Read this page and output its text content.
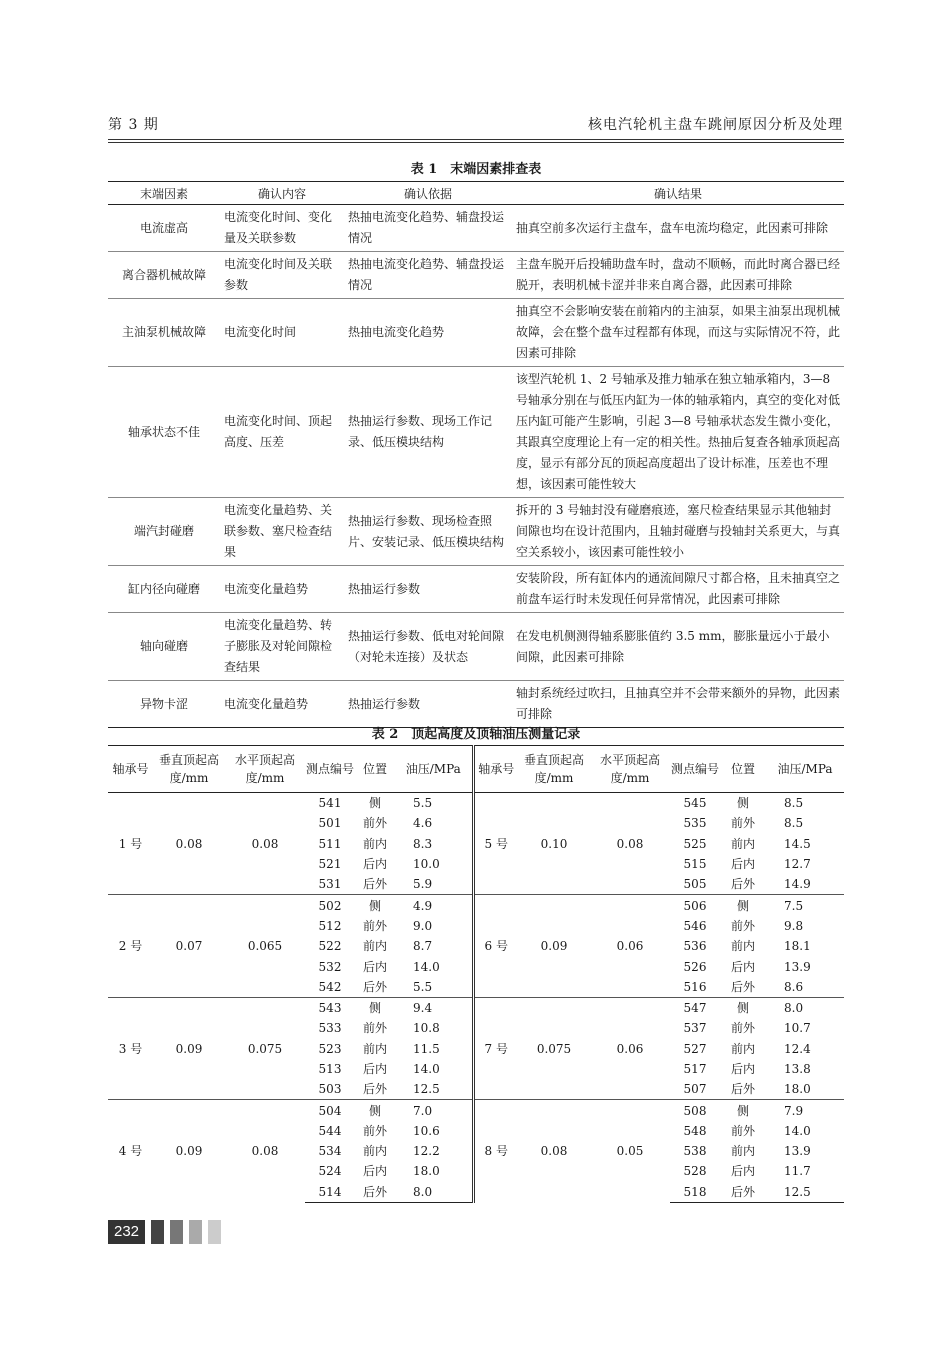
第 3 期	核电汽轮机主盘车跳闸原因分析及处理
表 1　末端因素排查表
末端因素	确认内容	确认依据	确认结果
电流虚高	电流变化时间、变化量及关联参数	热抽电流变化趋势、辅盘投运情况	抽真空前多次运行主盘车，盘车电流均稳定，此因素可排除
离合器机械故障	电流变化时间及关联参数	热抽电流变化趋势、辅盘投运情况	主盘车脱开后投辅助盘车时，盘动不顺畅，而此时离合器已经脱开，表明机械卡涩并非来自离合器，此因素可排除
主油泵机械故障	电流变化时间	热抽电流变化趋势	抽真空不会影响安装在前箱内的主油泵，如果主油泵出现机械故障，会在整个盘车过程都有体现，而这与实际情况不符，此因素可排除
轴承状态不佳	电流变化时间、顶起高度、压差	热抽运行参数、现场工作记录、低压模块结构	该型汽轮机 1、2 号轴承及推力轴承在独立轴承箱内，3—8 号轴承分别在与低压内缸为一体的轴承箱内，真空的变化对低压内缸可能产生影响，引起 3—8 号轴承状态发生微小变化，其跟真空度理论上有一定的相关性。热抽后复查各轴承顶起高度，显示有部分瓦的顶起高度超出了设计标准，压差也不理想，该因素可能性较大
端汽封碰磨	电流变化量趋势、关联参数、塞尺检查结果	热抽运行参数、现场检查照片、安装记录、低压模块结构	拆开的 3 号轴封没有碰磨痕迹，塞尺检查结果显示其他轴封间隙也均在设计范围内，且轴封碰磨与投轴封关系更大，与真空关系较小，该因素可能性较小
缸内径向碰磨	电流变化量趋势	热抽运行参数	安装阶段，所有缸体内的通流间隙尺寸都合格，且未抽真空之前盘车运行时未发现任何异常情况，此因素可排除
轴向碰磨	电流变化量趋势、转子膨胀及对轮间隙检查结果	热抽运行参数、低电对轮间隙（对轮未连接）及状态	在发电机侧测得轴系膨胀值约 3.5 mm，膨胀量远小于最小间隙，此因素可排除
异物卡涩	电流变化量趋势	热抽运行参数	轴封系统经过吹扫，且抽真空并不会带来额外的异物，此因素可排除
表 2　顶起高度及顶轴油压测量记录
轴承号	垂直顶起高度/mm	水平顶起高度/mm	测点编号	位置	油压/MPa	轴承号	垂直顶起高度/mm	水平顶起高度/mm	测点编号	位置	油压/MPa
1 号	0.08	0.08	541	侧	5.5	5 号	0.10	0.08	545	侧	8.5
			501	前外	4.6				535	前外	8.5
			511	前内	8.3				525	前内	14.5
			521	后内	10.0				515	后内	12.7
			531	后外	5.9				505	后外	14.9
2 号	0.07	0.065	502	侧	4.9	6 号	0.09	0.06	506	侧	7.5
			512	前外	9.0				546	前外	9.8
			522	前内	8.7				536	前内	18.1
			532	后内	14.0				526	后内	13.9
			542	后外	5.5				516	后外	8.6
3 号	0.09	0.075	543	侧	9.4	7 号	0.075	0.06	547	侧	8.0
			533	前外	10.8				537	前外	10.7
			523	前内	11.5				527	前内	12.4
			513	后内	14.0				517	后内	13.8
			503	后外	12.5				507	后外	18.0
4 号	0.09	0.08	504	侧	7.0	8 号	0.08	0.05	508	侧	7.9
			544	前外	10.6				548	前外	14.0
			534	前内	12.2				538	前内	13.9
			524	后内	18.0				528	后内	11.7
			514	后外	8.0				518	后外	12.5
232
